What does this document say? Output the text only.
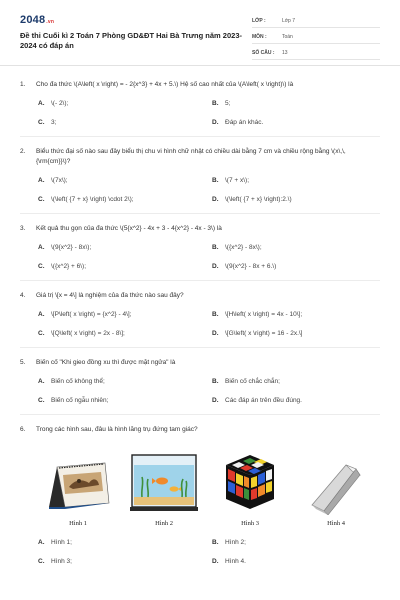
2048.vn
Đề thi Cuối kì 2 Toán 7 Phòng GD&ĐT Hai Bà Trưng năm 2023-2024 có đáp án
LỚP :	Lớp 7
MÔN :	Toán
SỐ CÂU :	13
1.	Cho đa thức \(A\left( x \right) = - 2{x^3} + 4x + 5.\) Hệ số cao nhất của \(A\left( x \right)\) là
A.	\(- 2\);	B.	5;
C.	3;	D.	Đáp án khác.
2.	Biểu thức đại số nào sau đây biểu thị chu vi hình chữ nhật có chiều dài bằng 7 cm và chiều rộng bằng \(x\,\,{\rm{cm}}\)?
A.	\(7x\);	B.	\(7 + x\);
C.	\(\left( {7 + x} \right) \cdot 2\);	D.	\(\left( {7 + x} \right):2.\)
3.	Kết quả thu gọn của đa thức \(5{x^2} - 4x + 3 - 4{x^2} - 4x - 3\) là
A.	\(9{x^2} - 8x\);	B.	\({x^2} - 8x\);
C.	\({x^2} + 6\);	D.	\(9{x^2} - 8x + 6.\)
4.	Giá trị \[x = 4\] là nghiệm của đa thức nào sau đây?
A.	\[P\left( x \right) = {x^2} - 4\];	B.	\[H\left( x \right) = 4x - 10\];
C.	\[Q\left( x \right) = 2x - 8\];	D.	\[G\left( x \right) = 16 - 2x.\]
5.	Biến cố "Khi gieo đồng xu thì được mặt ngửa" là
A.	Biến cố không thể;	B.	Biến cố chắc chắn;
C.	Biến cố ngẫu nhiên;	D.	Các đáp án trên đều đúng.
6.	Trong các hình sau, đâu là hình lăng trụ đứng tam giác?
Hình 1	Hình 2	Hình 3	Hình 4
A.	Hình 1;	B.	Hình 2;
C.	Hình 3;	D.	Hình 4.
